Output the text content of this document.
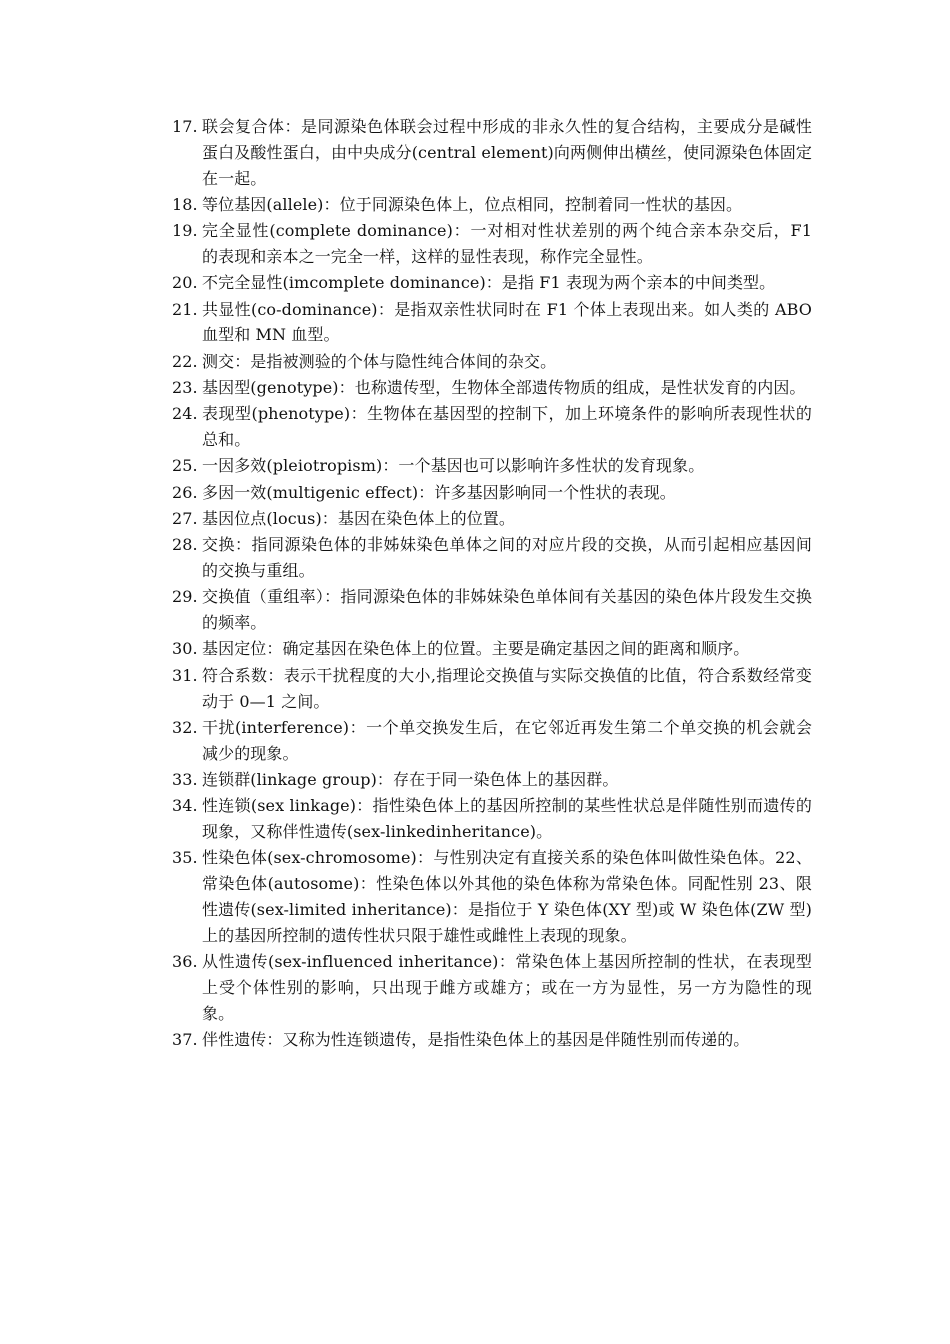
17. 联会复合体：是同源染色体联会过程中形成的非永久性的复合结构，主要成分是碱性蛋白及酸性蛋白，由中央成分(central element)向两侧伸出横丝，使同源染色体固定在一起。
18. 等位基因(allele)：位于同源染色体上，位点相同，控制着同一性状的基因。
19. 完全显性(complete dominance)：一对相对性状差别的两个纯合亲本杂交后，F1 的表现和亲本之一完全一样，这样的显性表现，称作完全显性。
20. 不完全显性(imcomplete dominance)：是指 F1 表现为两个亲本的中间类型。
21. 共显性(co-dominance)：是指双亲性状同时在 F1 个体上表现出来。如人类的 ABO 血型和 MN 血型。
22. 测交：是指被测验的个体与隐性纯合体间的杂交。
23. 基因型(genotype)：也称遗传型，生物体全部遗传物质的组成，是性状发育的内因。
24. 表现型(phenotype)：生物体在基因型的控制下，加上环境条件的影响所表现性状的总和。
25. 一因多效(pleiotropism)：一个基因也可以影响许多性状的发育现象。
26. 多因一效(multigenic effect)：许多基因影响同一个性状的表现。
27. 基因位点(locus)：基因在染色体上的位置。
28. 交换：指同源染色体的非姊妹染色单体之间的对应片段的交换，从而引起相应基因间的交换与重组。
29. 交换值（重组率）：指同源染色体的非姊妹染色单体间有关基因的染色体片段发生交换的频率。
30. 基因定位：确定基因在染色体上的位置。主要是确定基因之间的距离和顺序。
31. 符合系数：表示干扰程度的大小,指理论交换值与实际交换值的比值，符合系数经常变动于 0—1 之间。
32. 干扰(interference)：一个单交换发生后，在它邻近再发生第二个单交换的机会就会减少的现象。
33. 连锁群(linkage group)：存在于同一染色体上的基因群。
34. 性连锁(sex linkage)：指性染色体上的基因所控制的某些性状总是伴随性别而遗传的现象，又称伴性遗传(sex-linkedinheritance)。
35. 性染色体(sex-chromosome)：与性别决定有直接关系的染色体叫做性染色体。22、常染色体(autosome)：性染色体以外其他的染色体称为常染色体。同配性别 23、限性遗传(sex-limited inheritance)：是指位于 Y 染色体(XY 型)或 W 染色体(ZW 型)上的基因所控制的遗传性状只限于雄性或雌性上表现的现象。
36. 从性遗传(sex-influenced inheritance)：常染色体上基因所控制的性状，在表现型上受个体性别的影响，只出现于雌方或雄方；或在一方为显性，另一方为隐性的现象。
37. 伴性遗传：又称为性连锁遗传，是指性染色体上的基因是伴随性别而传递的。
